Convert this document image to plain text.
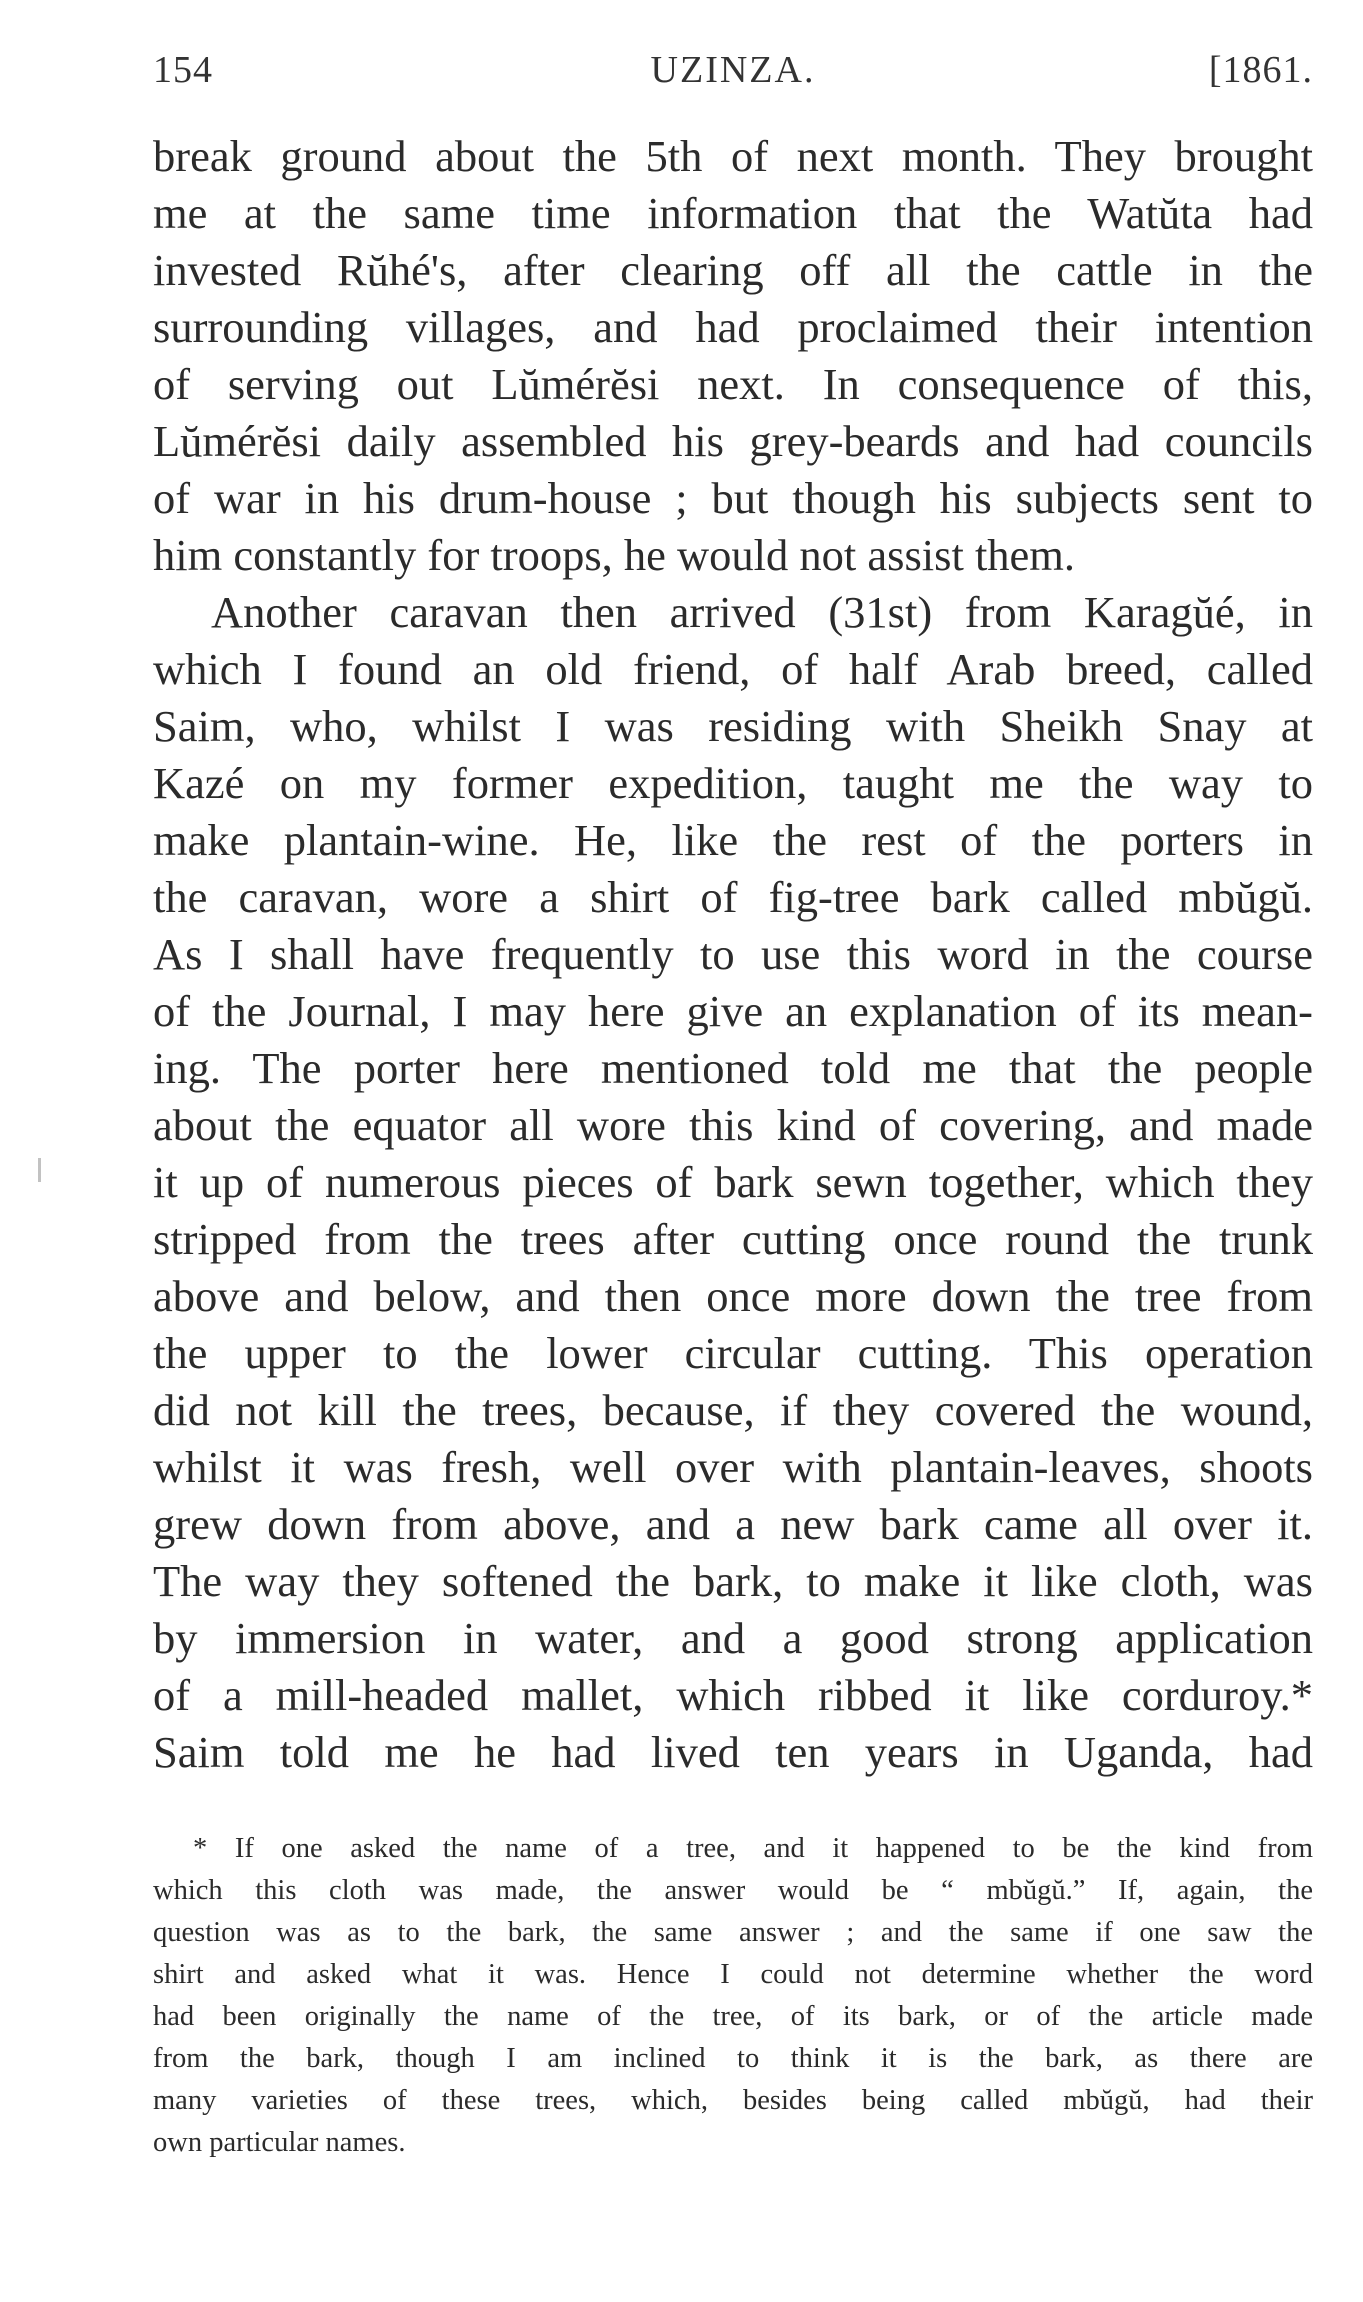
154	UZINZA.	[1861.
break ground about the 5th of next month. They brought
me at the same time information that the Watŭta had
invested Rŭhé's, after clearing off all the cattle in the
surrounding villages, and had proclaimed their intention
of serving out Lŭmérĕsi next. In consequence of this,
Lŭmérĕsi daily assembled his grey-beards and had councils
of war in his drum-house ; but though his subjects sent to
him constantly for troops, he would not assist them.
Another caravan then arrived (31st) from Karagŭé, in
which I found an old friend, of half Arab breed, called
Saim, who, whilst I was residing with Sheikh Snay at
Kazé on my former expedition, taught me the way to
make plantain-wine. He, like the rest of the porters in
the caravan, wore a shirt of fig-tree bark called mbŭgŭ.
As I shall have frequently to use this word in the course
of the Journal, I may here give an explanation of its mean-
ing. The porter here mentioned told me that the people
about the equator all wore this kind of covering, and made
it up of numerous pieces of bark sewn together, which they
stripped from the trees after cutting once round the trunk
above and below, and then once more down the tree from
the upper to the lower circular cutting. This operation
did not kill the trees, because, if they covered the wound,
whilst it was fresh, well over with plantain-leaves, shoots
grew down from above, and a new bark came all over it.
The way they softened the bark, to make it like cloth, was
by immersion in water, and a good strong application
of a mill-headed mallet, which ribbed it like corduroy.*
Saim told me he had lived ten years in Uganda, had
* If one asked the name of a tree, and it happened to be the kind from
which this cloth was made, the answer would be “ mbŭgŭ.” If, again, the
question was as to the bark, the same answer ; and the same if one saw the
shirt and asked what it was. Hence I could not determine whether the word
had been originally the name of the tree, of its bark, or of the article made
from the bark, though I am inclined to think it is the bark, as there are
many varieties of these trees, which, besides being called mbŭgŭ, had their
own particular names.
